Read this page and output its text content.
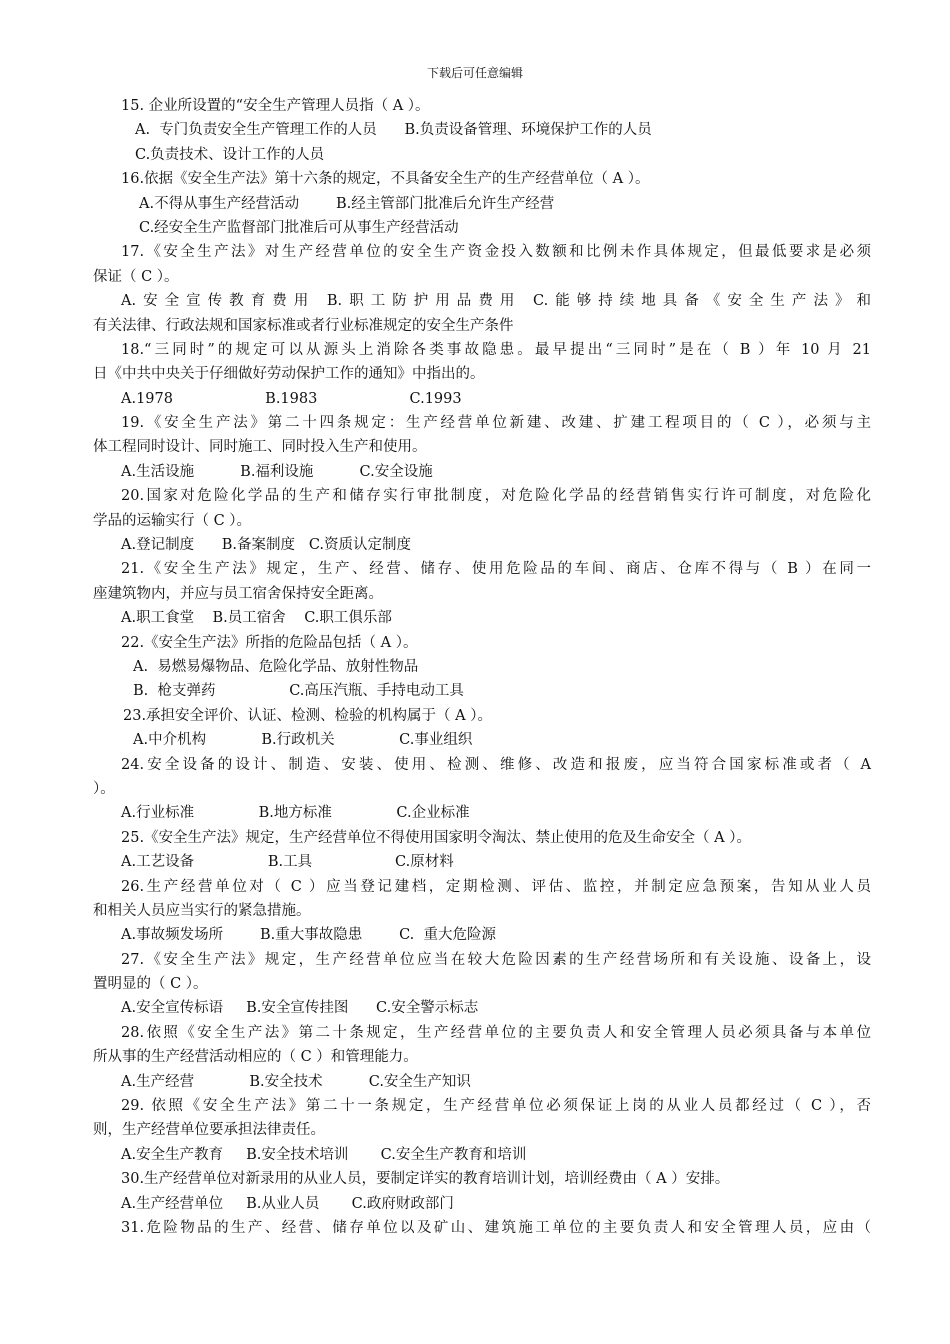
下载后可任意编辑
15. 企业所设置的“安全生产管理人员指（ A ）。
A.  专门负责安全生产管理工作的人员      B.负责设备管理、环境保护工作的人员
C.负责技术、设计工作的人员
16.依据《安全生产法》第十六条的规定，不具备安全生产的生产经营单位（ A ）。
A.不得从事生产经营活动        B.经主管部门批准后允许生产经营
C.经安全生产监督部门批准后可从事生产经营活动
17.《安全生产法》对生产经营单位的安全生产资金投入数额和比例未作具体规定，但最低要求是必须
保证（ C ）。
A.安全宣传教育费用 B.职工防护用品费用 C.能够持续地具备《安全生产法》和
有关法律、行政法规和国家标准或者行业标准规定的安全生产条件
18.“三同时”的规定可以从源头上消除各类事故隐患。最早提出“三同时”是在（ B ）年 10 月 21
日《中共中央关于仔细做好劳动保护工作的通知》中指出的。
A.1978                    B.1983                    C.1993
19.《安全生产法》第二十四条规定：生产经营单位新建、改建、扩建工程项目的（ C ），必须与主
体工程同时设计、同时施工、同时投入生产和使用。
A.生活设施          B.福利设施          C.安全设施
20.国家对危险化学品的生产和储存实行审批制度，对危险化学品的经营销售实行许可制度，对危险化
学品的运输实行（ C ）。
A.登记制度      B.备案制度   C.资质认定制度
21.《安全生产法》规定，生产、经营、储存、使用危险品的车间、商店、仓库不得与（ B ）在同一
座建筑物内，并应与员工宿舍保持安全距离。
A.职工食堂    B.员工宿舍    C.职工俱乐部
22.《安全生产法》所指的危险品包括（ A ）。
A.  易燃易爆物品、危险化学品、放射性物品
B.  枪支弹药                C.高压汽瓶、手持电动工具
23.承担安全评价、认证、检测、检验的机构属于（ A ）。
A.中介机构            B.行政机关              C.事业组织
24.安全设备的设计、制造、安装、使用、检测、维修、改造和报废，应当符合国家标准或者（ A
）。
A.行业标准              B.地方标准              C.企业标准
25.《安全生产法》规定，生产经营单位不得使用国家明令淘汰、禁止使用的危及生命安全（ A ）。
A.工艺设备                B.工具                  C.原材料
26.生产经营单位对（ C ）应当登记建档，定期检测、评估、监控，并制定应急预案，告知从业人员
和相关人员应当实行的紧急措施。
A.事故频发场所        B.重大事故隐患        C.  重大危险源
27.《安全生产法》规定，生产经营单位应当在较大危险因素的生产经营场所和有关设施、设备上，设
置明显的（ C ）。
A.安全宣传标语     B.安全宣传挂图      C.安全警示标志
28.依照《安全生产法》第二十条规定，生产经营单位的主要负责人和安全管理人员必须具备与本单位
所从事的生产经营活动相应的（ C ）和管理能力。
A.生产经营            B.安全技术          C.安全生产知识
29. 依照《安全生产法》第二十一条规定，生产经营单位必须保证上岗的从业人员都经过（ C ），否
则，生产经营单位要承担法律责任。
A.安全生产教育     B.安全技术培训       C.安全生产教育和培训
30.生产经营单位对新录用的从业人员，要制定详实的教育培训计划，培训经费由（ A ）安排。
A.生产经营单位     B.从业人员       C.政府财政部门
31.危险物品的生产、经营、储存单位以及矿山、建筑施工单位的主要负责人和安全管理人员，应由（
